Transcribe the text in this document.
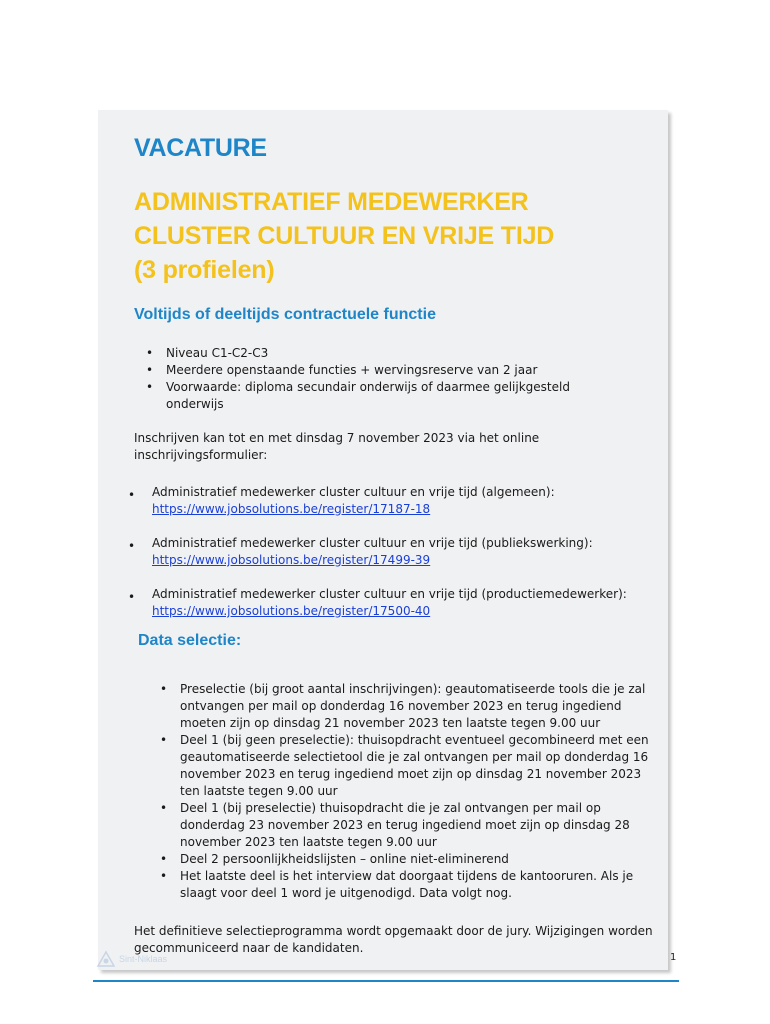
VACATURE
ADMINISTRATIEF MEDEWERKER
CLUSTER CULTUUR EN VRIJE TIJD
(3 profielen)
Voltijds of deeltijds contractuele functie
• Niveau C1-C2-C3
• Meerdere openstaande functies + wervingsreserve van 2 jaar
• Voorwaarde: diploma secundair onderwijs of daarmee gelijkgesteld onderwijs

Inschrijven kan tot en met dinsdag 7 november 2023 via het online inschrijvingsformulier:

• Administratief medewerker cluster cultuur en vrije tijd (algemeen):
https://www.jobsolutions.be/register/17187-18
• Administratief medewerker cluster cultuur en vrije tijd (publiekswerking):
https://www.jobsolutions.be/register/17499-39
• Administratief medewerker cluster cultuur en vrije tijd (productiemedewerker):
https://www.jobsolutions.be/register/17500-40
Data selectie:
• Preselectie (bij groot aantal inschrijvingen): geautomatiseerde tools die je zal ontvangen per mail op donderdag 16 november 2023 en terug ingediend moeten zijn op dinsdag 21 november 2023 ten laatste tegen 9.00 uur
• Deel 1 (bij geen preselectie): thuisopdracht eventueel gecombineerd met een geautomatiseerde selectietool die je zal ontvangen per mail op donderdag 16 november 2023 en terug ingediend moet zijn op dinsdag 21 november 2023 ten laatste tegen 9.00 uur
• Deel 1 (bij preselectie) thuisopdracht die je zal ontvangen per mail op donderdag 23 november 2023 en terug ingediend moet zijn op dinsdag 28 november 2023 ten laatste tegen 9.00 uur
• Deel 2 persoonlijkheidslijsten – online niet-eliminerend
• Het laatste deel is het interview dat doorgaat tijdens de kantooruren. Als je slaagt voor deel 1 word je uitgenodigd. Data volgt nog.

Het definitieve selectieprogramma wordt opgemaakt door de jury. Wijzigingen worden gecommuniceerd naar de kandidaten.

Sint-Niklaas	1
